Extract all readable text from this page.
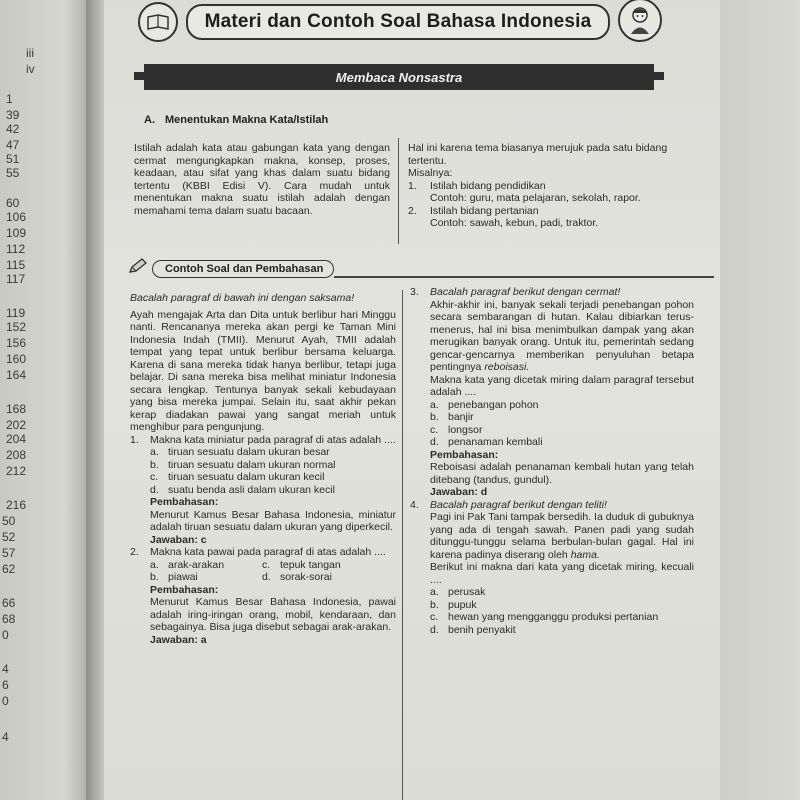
iii
iv
1
39
42
47
51
55
60
106
109
112
115
117
119
152
156
160
164
168
202
204
208
212
216
50
52
57
62
66
68
0
4
6
0
4
Materi dan Contoh Soal Bahasa Indonesia
Membaca Nonsastra
A. Menentukan Makna Kata/Istilah
Istilah adalah kata atau gabungan kata yang dengan cermat mengungkapkan makna, konsep, proses, keadaan, atau sifat yang khas dalam suatu bidang tertentu (KBBI Edisi V). Cara mudah untuk menentukan makna suatu istilah adalah dengan memahami tema dalam suatu bacaan.
Hal ini karena tema biasanya merujuk pada satu bidang tertentu.
Misalnya:
1.	Istilah bidang pendidikan
Contoh: guru, mata pelajaran, sekolah, rapor.
2.	Istilah bidang pertanian
Contoh: sawah, kebun, padi, traktor.
Contoh Soal dan Pembahasan
Bacalah paragraf di bawah ini dengan saksama!
Ayah mengajak Arta dan Dita untuk berlibur hari Minggu nanti. Rencananya mereka akan pergi ke Taman Mini Indonesia Indah (TMII). Menurut Ayah, TMII adalah tempat yang tepat untuk berlibur bersama keluarga. Karena di sana mereka tidak hanya berlibur, tetapi juga belajar. Di sana mereka bisa melihat miniatur Indonesia secara lengkap. Tentunya banyak sekali kebudayaan yang bisa mereka jumpai. Selain itu, saat akhir pekan kerap diadakan pawai yang sangat meriah untuk menghibur para pengunjung.
1.	Makna kata miniatur pada paragraf di atas adalah ....
a. tiruan sesuatu dalam ukuran besar
b. tiruan sesuatu dalam ukuran normal
c. tiruan sesuatu dalam ukuran kecil
d. suatu benda asli dalam ukuran kecil
Pembahasan:
Menurut Kamus Besar Bahasa Indonesia, miniatur adalah tiruan sesuatu dalam ukuran yang diperkecil.
Jawaban: c
2.	Makna kata pawai pada paragraf di atas adalah ....
a. arak-arakan	c. tepuk tangan
b. piawai	d. sorak-sorai
Pembahasan:
Menurut Kamus Besar Bahasa Indonesia, pawai adalah iring-iringan orang, mobil, kendaraan, dan sebagainya. Bisa juga disebut sebagai arak-arakan.
Jawaban: a
3.	Bacalah paragraf berikut dengan cermat!
Akhir-akhir ini, banyak sekali terjadi penebangan pohon secara sembarangan di hutan. Kalau dibiarkan terus-menerus, hal ini bisa menimbulkan dampak yang akan merugikan banyak orang. Untuk itu, pemerintah sedang gencar-gencarnya memberikan penyuluhan betapa pentingnya reboisasi.
Makna kata yang dicetak miring dalam paragraf tersebut adalah ....
a. penebangan pohon
b. banjir
c. longsor
d. penanaman kembali
Pembahasan:
Reboisasi adalah penanaman kembali hutan yang telah ditebang (tandus, gundul).
Jawaban: d
4.	Bacalah paragraf berikut dengan teliti!
Pagi ini Pak Tani tampak bersedih. Ia duduk di gubuknya yang ada di tengah sawah. Panen padi yang sudah ditunggu-tunggu selama berbulan-bulan gagal. Hal ini karena padinya diserang oleh hama.
Berikut ini makna dari kata yang dicetak miring, kecuali ....
a. perusak
b. pupuk
c. hewan yang mengganggu produksi pertanian
d. benih penyakit
